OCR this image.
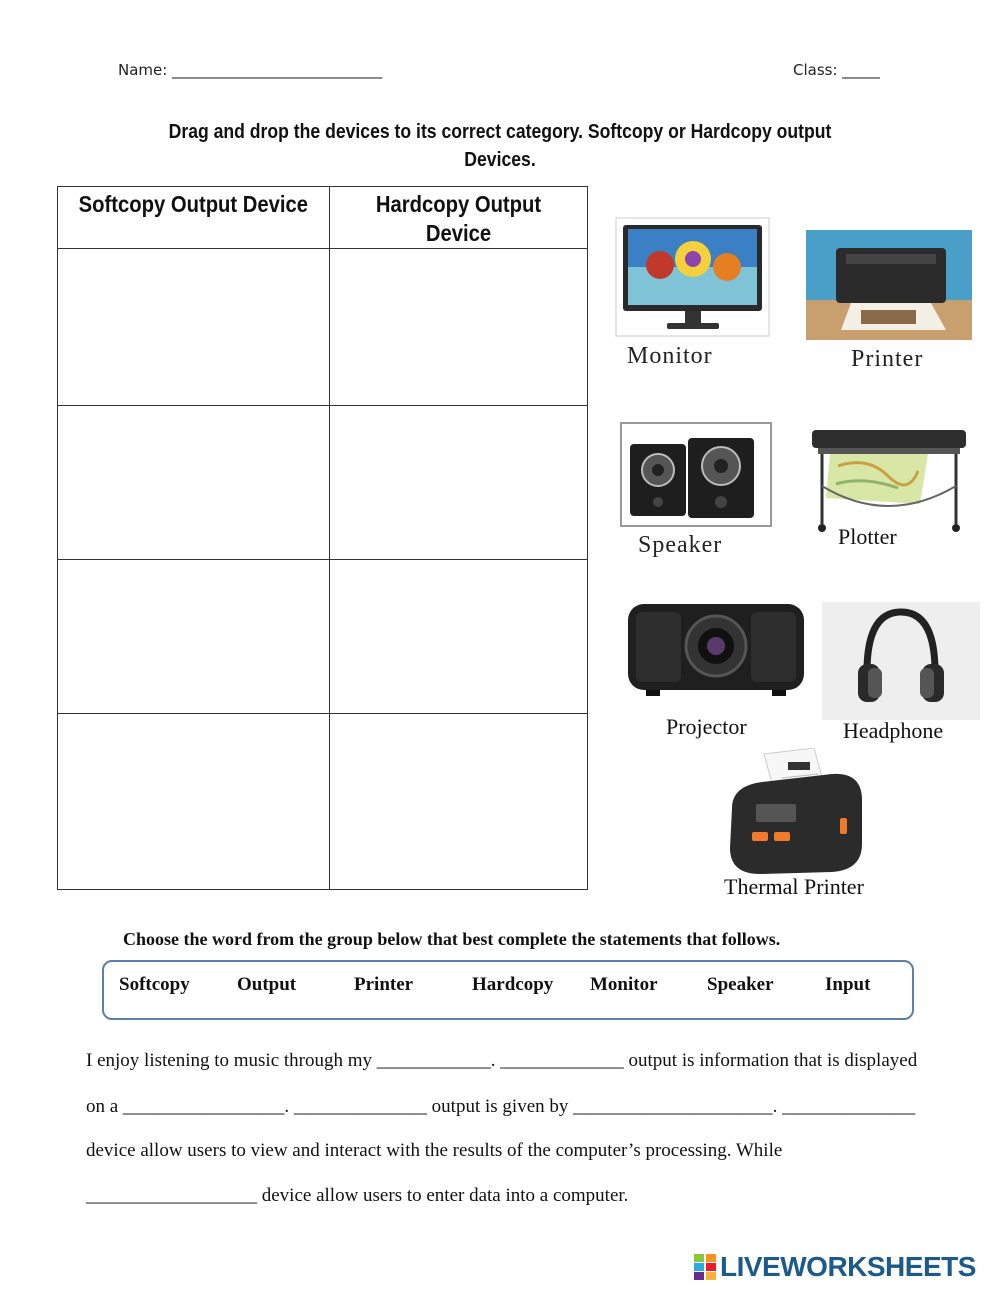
Name: ____________________________	Class: _____
Drag and drop the devices to its correct category. Softcopy or Hardcopy output Devices.
Softcopy Output Device	Hardcopy Output Device

Monitor	Printer
Speaker	Plotter
Projector	Headphone
Thermal Printer
Choose the word from the group below that best complete the statements that follows.
Softcopy Output	Printer	Hardcopy Monitor	Speaker	Input
I enjoy listening to music through my ____________. _____________ output is information that is displayed
on a _________________. ______________ output is given by _____________________. ______________
device allow users to view and interact with the results of the computer’s processing. While
__________________ device allow users to enter data into a computer.
LIVEWORKSHEETS
